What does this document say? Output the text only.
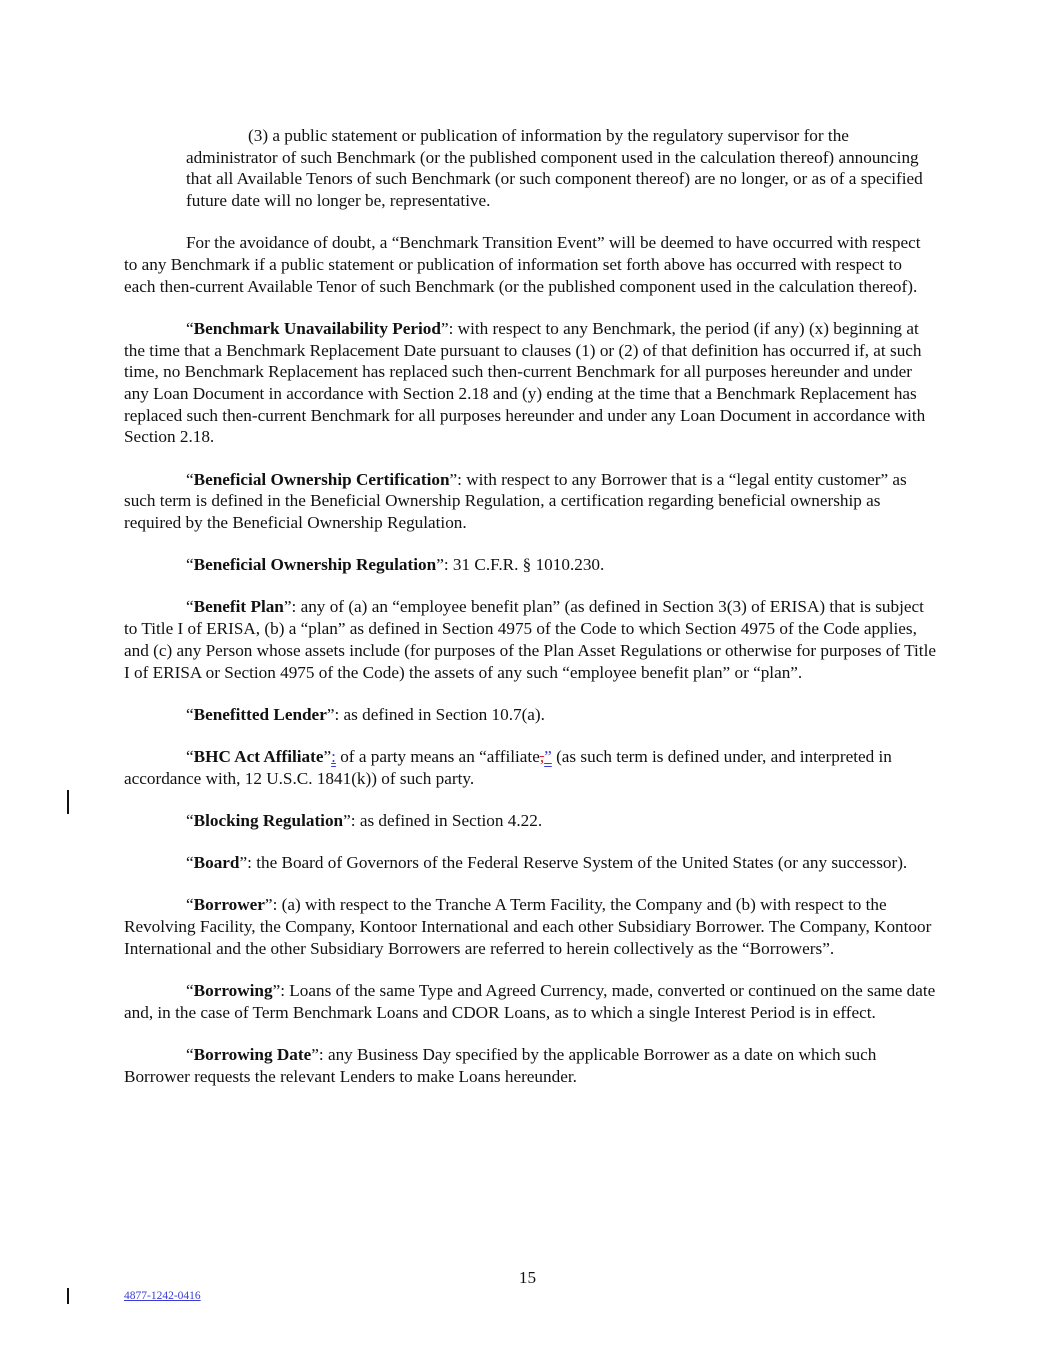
(3) a public statement or publication of information by the regulatory supervisor for the administrator of such Benchmark (or the published component used in the calculation thereof) announcing that all Available Tenors of such Benchmark (or such component thereof) are no longer, or as of a specified future date will no longer be, representative.

For the avoidance of doubt, a “Benchmark Transition Event” will be deemed to have occurred with respect to any Benchmark if a public statement or publication of information set forth above has occurred with respect to each then-current Available Tenor of such Benchmark (or the published component used in the calculation thereof).

“Benchmark Unavailability Period”: with respect to any Benchmark, the period (if any) (x) beginning at the time that a Benchmark Replacement Date pursuant to clauses (1) or (2) of that definition has occurred if, at such time, no Benchmark Replacement has replaced such then-current Benchmark for all purposes hereunder and under any Loan Document in accordance with Section 2.18 and (y) ending at the time that a Benchmark Replacement has replaced such then-current Benchmark for all purposes hereunder and under any Loan Document in accordance with Section 2.18.

“Beneficial Ownership Certification”: with respect to any Borrower that is a “legal entity customer” as such term is defined in the Beneficial Ownership Regulation, a certification regarding beneficial ownership as required by the Beneficial Ownership Regulation.

“Beneficial Ownership Regulation”: 31 C.F.R. § 1010.230.

“Benefit Plan”: any of (a) an “employee benefit plan” (as defined in Section 3(3) of ERISA) that is subject to Title I of ERISA, (b) a “plan” as defined in Section 4975 of the Code to which Section 4975 of the Code applies, and (c) any Person whose assets include (for purposes of the Plan Asset Regulations or otherwise for purposes of Title I of ERISA or Section 4975 of the Code) the assets of any such “employee benefit plan” or “plan”.

“Benefitted Lender”: as defined in Section 10.7(a).

“BHC Act Affiliate”: of a party means an “affiliate,” (as such term is defined under, and interpreted in accordance with, 12 U.S.C. 1841(k)) of such party.

“Blocking Regulation”: as defined in Section 4.22.

“Board”: the Board of Governors of the Federal Reserve System of the United States (or any successor).

“Borrower”: (a) with respect to the Tranche A Term Facility, the Company and (b) with respect to the Revolving Facility, the Company, Kontoor International and each other Subsidiary Borrower. The Company, Kontoor International and the other Subsidiary Borrowers are referred to herein collectively as the “Borrowers”.

“Borrowing”: Loans of the same Type and Agreed Currency, made, converted or continued on the same date and, in the case of Term Benchmark Loans and CDOR Loans, as to which a single Interest Period is in effect.

“Borrowing Date”: any Business Day specified by the applicable Borrower as a date on which such Borrower requests the relevant Lenders to make Loans hereunder.

15
4877-1242-0416
